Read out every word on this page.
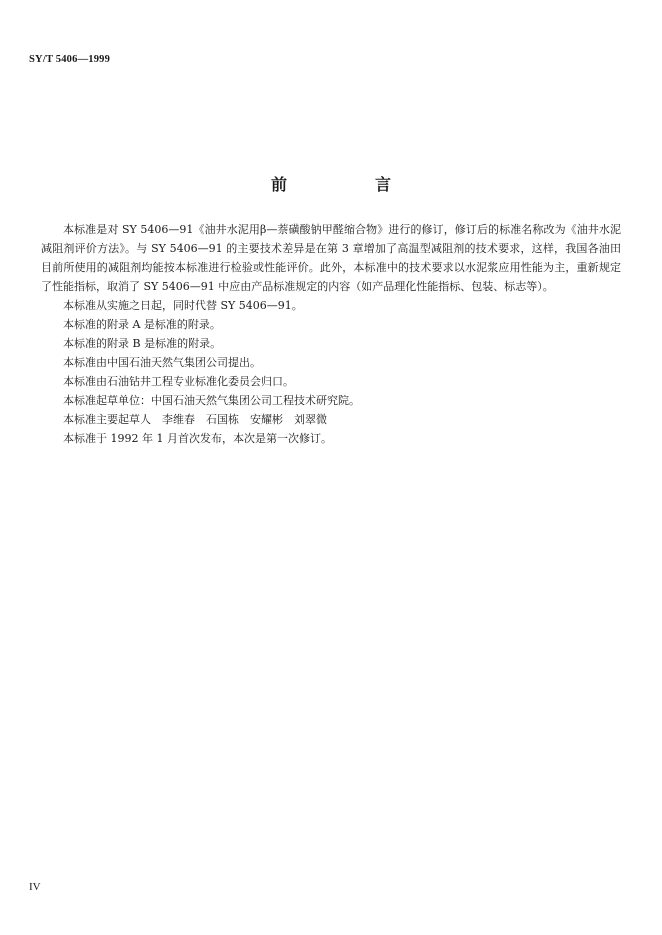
SY/T 5406—1999
前　言

本标准是对 SY 5406—91《油井水泥用β—萘磺酸钠甲醛缩合物》进行的修订，修订后的标准名称改为《油井水泥减阻剂评价方法》。与 SY 5406—91 的主要技术差异是在第 3 章增加了高温型减阻剂的技术要求，这样，我国各油田目前所使用的减阻剂均能按本标准进行检验或性能评价。此外，本标准中的技术要求以水泥浆应用性能为主，重新规定了性能指标，取消了 SY 5406—91 中应由产品标准规定的内容（如产品理化性能指标、包装、标志等）。

本标准从实施之日起，同时代替 SY 5406—91。

本标准的附录 A 是标准的附录。

本标准的附录 B 是标准的附录。

本标准由中国石油天然气集团公司提出。

本标准由石油钻井工程专业标准化委员会归口。

本标准起草单位：中国石油天然气集团公司工程技术研究院。

本标准主要起草人　李维春　石国栋　安耀彬　刘翠微

本标准于 1992 年 1 月首次发布，本次是第一次修订。

IV
